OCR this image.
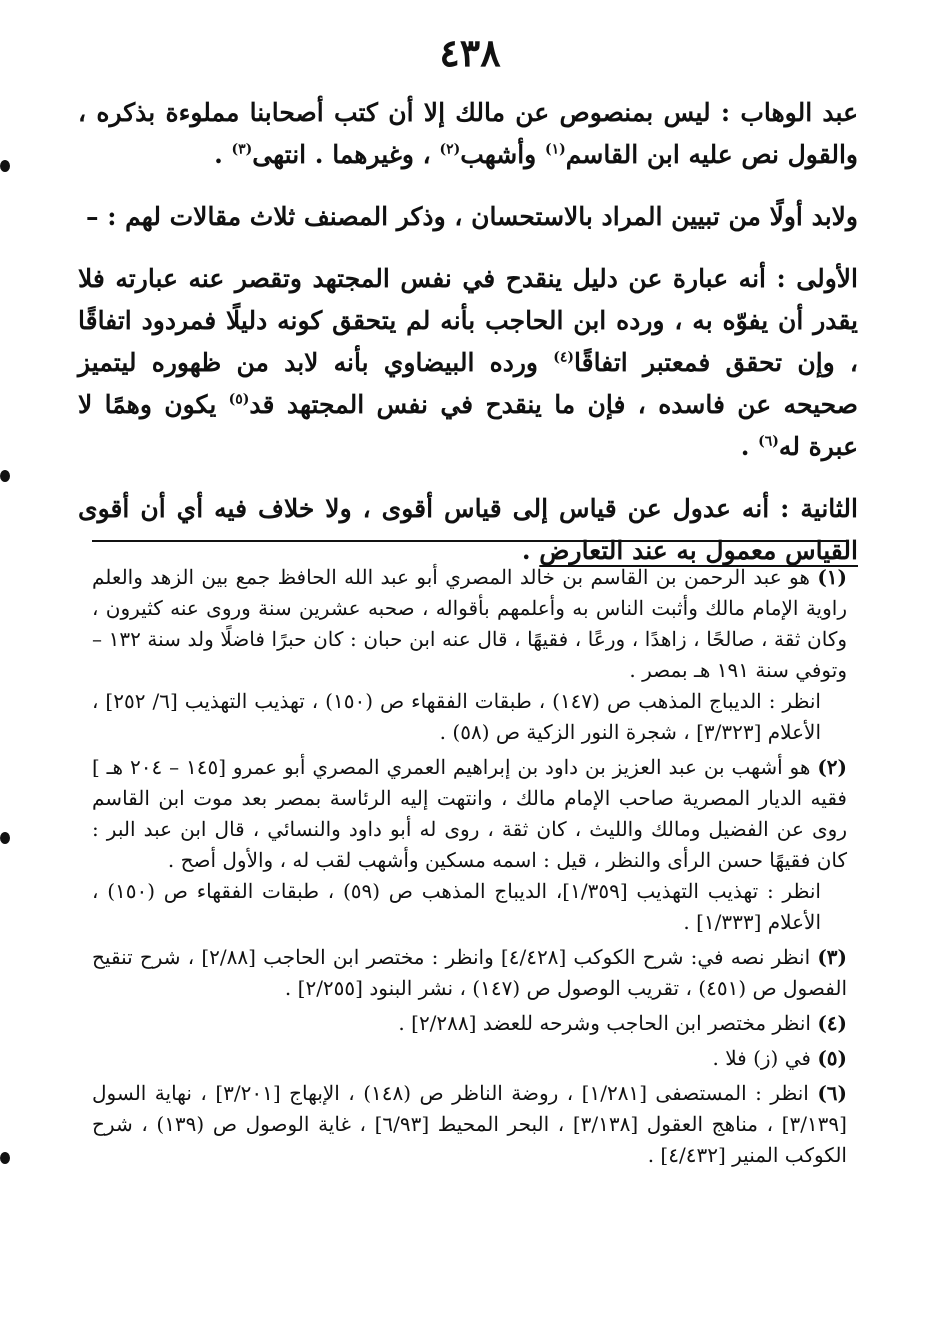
٤٣٨

عبد الوهاب : ليس بمنصوص عن مالك إلا أن كتب أصحابنا مملوءة بذكره ، والقول نص عليه ابن القاسم$^{(١)}$ وأشهب$^{(٢)}$ ، وغيرهما . انتهى$^{(٣)}$ .

ولابد أولًا من تبيين المراد بالاستحسان ، وذكر المصنف ثلاث مقالات لهم : –

الأولى : أنه عبارة عن دليل ينقدح في نفس المجتهد وتقصر عنه عبارته فلا يقدر أن يفوّه به ، ورده ابن الحاجب بأنه لم يتحقق كونه دليلًا فمردود اتفاقًا ، وإن تحقق فمعتبر اتفاقًا$^{(٤)}$ ورده البيضاوي بأنه لابد من ظهوره ليتميز صحيحه عن فاسده ، فإن ما ينقدح في نفس المجتهد قد$^{(٥)}$ يكون وهمًا لا عبرة له$^{(٦)}$ .

الثانية : أنه عدول عن قياس إلى قياس أقوى ، ولا خلاف فيه أي أن أقوى القياس معمول به عند التعارض .

(١) هو عبد الرحمن بن القاسم بن خالد المصري أبو عبد الله الحافظ جمع بين الزهد والعلم راوية الإمام مالك وأثبت الناس به وأعلمهم بأقواله ، صحبه عشرين سنة وروى عنه كثيرون ، وكان ثقة ، صالحًا ، زاهدًا ، ورعًا ، فقيهًا ، قال عنه ابن حبان : كان حبرًا فاضلًا ولد سنة ١٣٢ – وتوفي سنة ١٩١ هـ بمصر .

انظر : الديباج المذهب ص (١٤٧) ، طبقات الفقهاء ص (١٥٠) ، تهذيب التهذيب [٦/ ٢٥٢] ، الأعلام [٣/٣٢٣] ، شجرة النور الزكية ص (٥٨) .

(٢) هو أشهب بن عبد العزيز بن داود بن إبراهيم العمري المصري أبو عمرو [١٤٥ – ٢٠٤ هـ ] فقيه الديار المصرية صاحب الإمام مالك ، وانتهت إليه الرئاسة بمصر بعد موت ابن القاسم روى عن الفضيل ومالك والليث ، كان ثقة ، روى له أبو داود والنسائي ، قال ابن عبد البر : كان فقيهًا حسن الرأى والنظر ، قيل : اسمه مسكين وأشهب لقب له ، والأول أصح .

انظر : تهذيب التهذيب [١/٣٥٩]، الديباج المذهب ص (٥٩) ، طبقات الفقهاء ص (١٥٠) ، الأعلام [١/٣٣٣] .

(٣) انظر نصه في: شرح الكوكب [٤/٤٢٨] وانظر : مختصر ابن الحاجب [٢/٨٨] ، شرح تنقيح الفصول ص (٤٥١) ، تقريب الوصول ص (١٤٧) ، نشر البنود [٢/٢٥٥] .
(٤) انظر مختصر ابن الحاجب وشرحه للعضد [٢/٢٨٨] .
(٥) في (ز) فلا .
(٦) انظر : المستصفى [١/٢٨١] ، روضة الناظر ص (١٤٨) ، الإبهاج [٣/٢٠١] ، نهاية السول [٣/١٣٩] ، مناهج العقول [٣/١٣٨] ، البحر المحيط [٦/٩٣] ، غاية الوصول ص (١٣٩) ، شرح الكوكب المنير [٤/٤٣٢] .
